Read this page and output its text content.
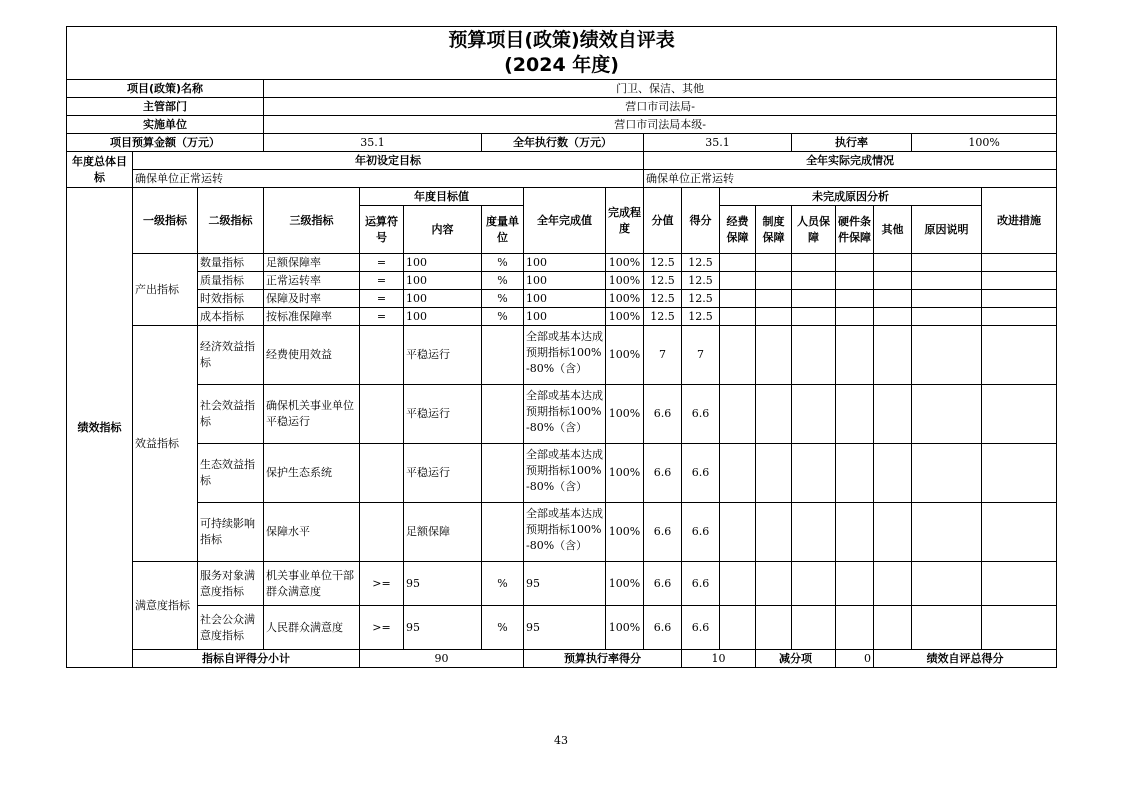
预算项目(政策)绩效自评表
(2024 年度)																		

项目(政策)名称			门卫、保洁、其他															
主管部门			营口市司法局-															
实施单位			营口市司法局本级-															
项目预算金额（万元）			35.1			全年执行数（万元）			35.1				执行率			100%		
年度总体目标	年初设定目标								全年实际完成情况									
	确保单位正常运转								确保单位正常运转									
绩效指标	一级指标	二级指标	三级指标	年度目标值			全年完成值	完成程度	分值	得分	未完成原因分析						改进措施	
				运算符号	内容	度量单位					经费保障	制度保障	人员保障	硬件条件保障	其他	原因说明		
	产出指标	数量指标	足额保障率	=	100	%	100	100%	12.5	12.5								
		质量指标	正常运转率	=	100	%	100	100%	12.5	12.5								
		时效指标	保障及时率	=	100	%	100	100%	12.5	12.5								
		成本指标	按标准保障率	=	100	%	100	100%	12.5	12.5								
	效益指标	经济效益指标	经费使用效益		平稳运行		全部或基本达成预期指标100%-80%（含）	100%	7	7								
		社会效益指标	确保机关事业单位平稳运行		平稳运行		全部或基本达成预期指标100%-80%（含）	100%	6.6	6.6								
		生态效益指标	保护生态系统		平稳运行		全部或基本达成预期指标100%-80%（含）	100%	6.6	6.6								
		可持续影响指标	保障水平		足额保障		全部或基本达成预期指标100%-80%（含）	100%	6.6	6.6								
	满意度指标	服务对象满意度指标	机关事业单位干部群众满意度	>=	95	%	95	100%	6.6	6.6								
		社会公众满意度指标	人民群众满意度	>=	95	%	95	100%	6.6	6.6								
	指标自评得分小计			90			预算执行率得分			10		减分项		0	绩效自评总得分	
43
